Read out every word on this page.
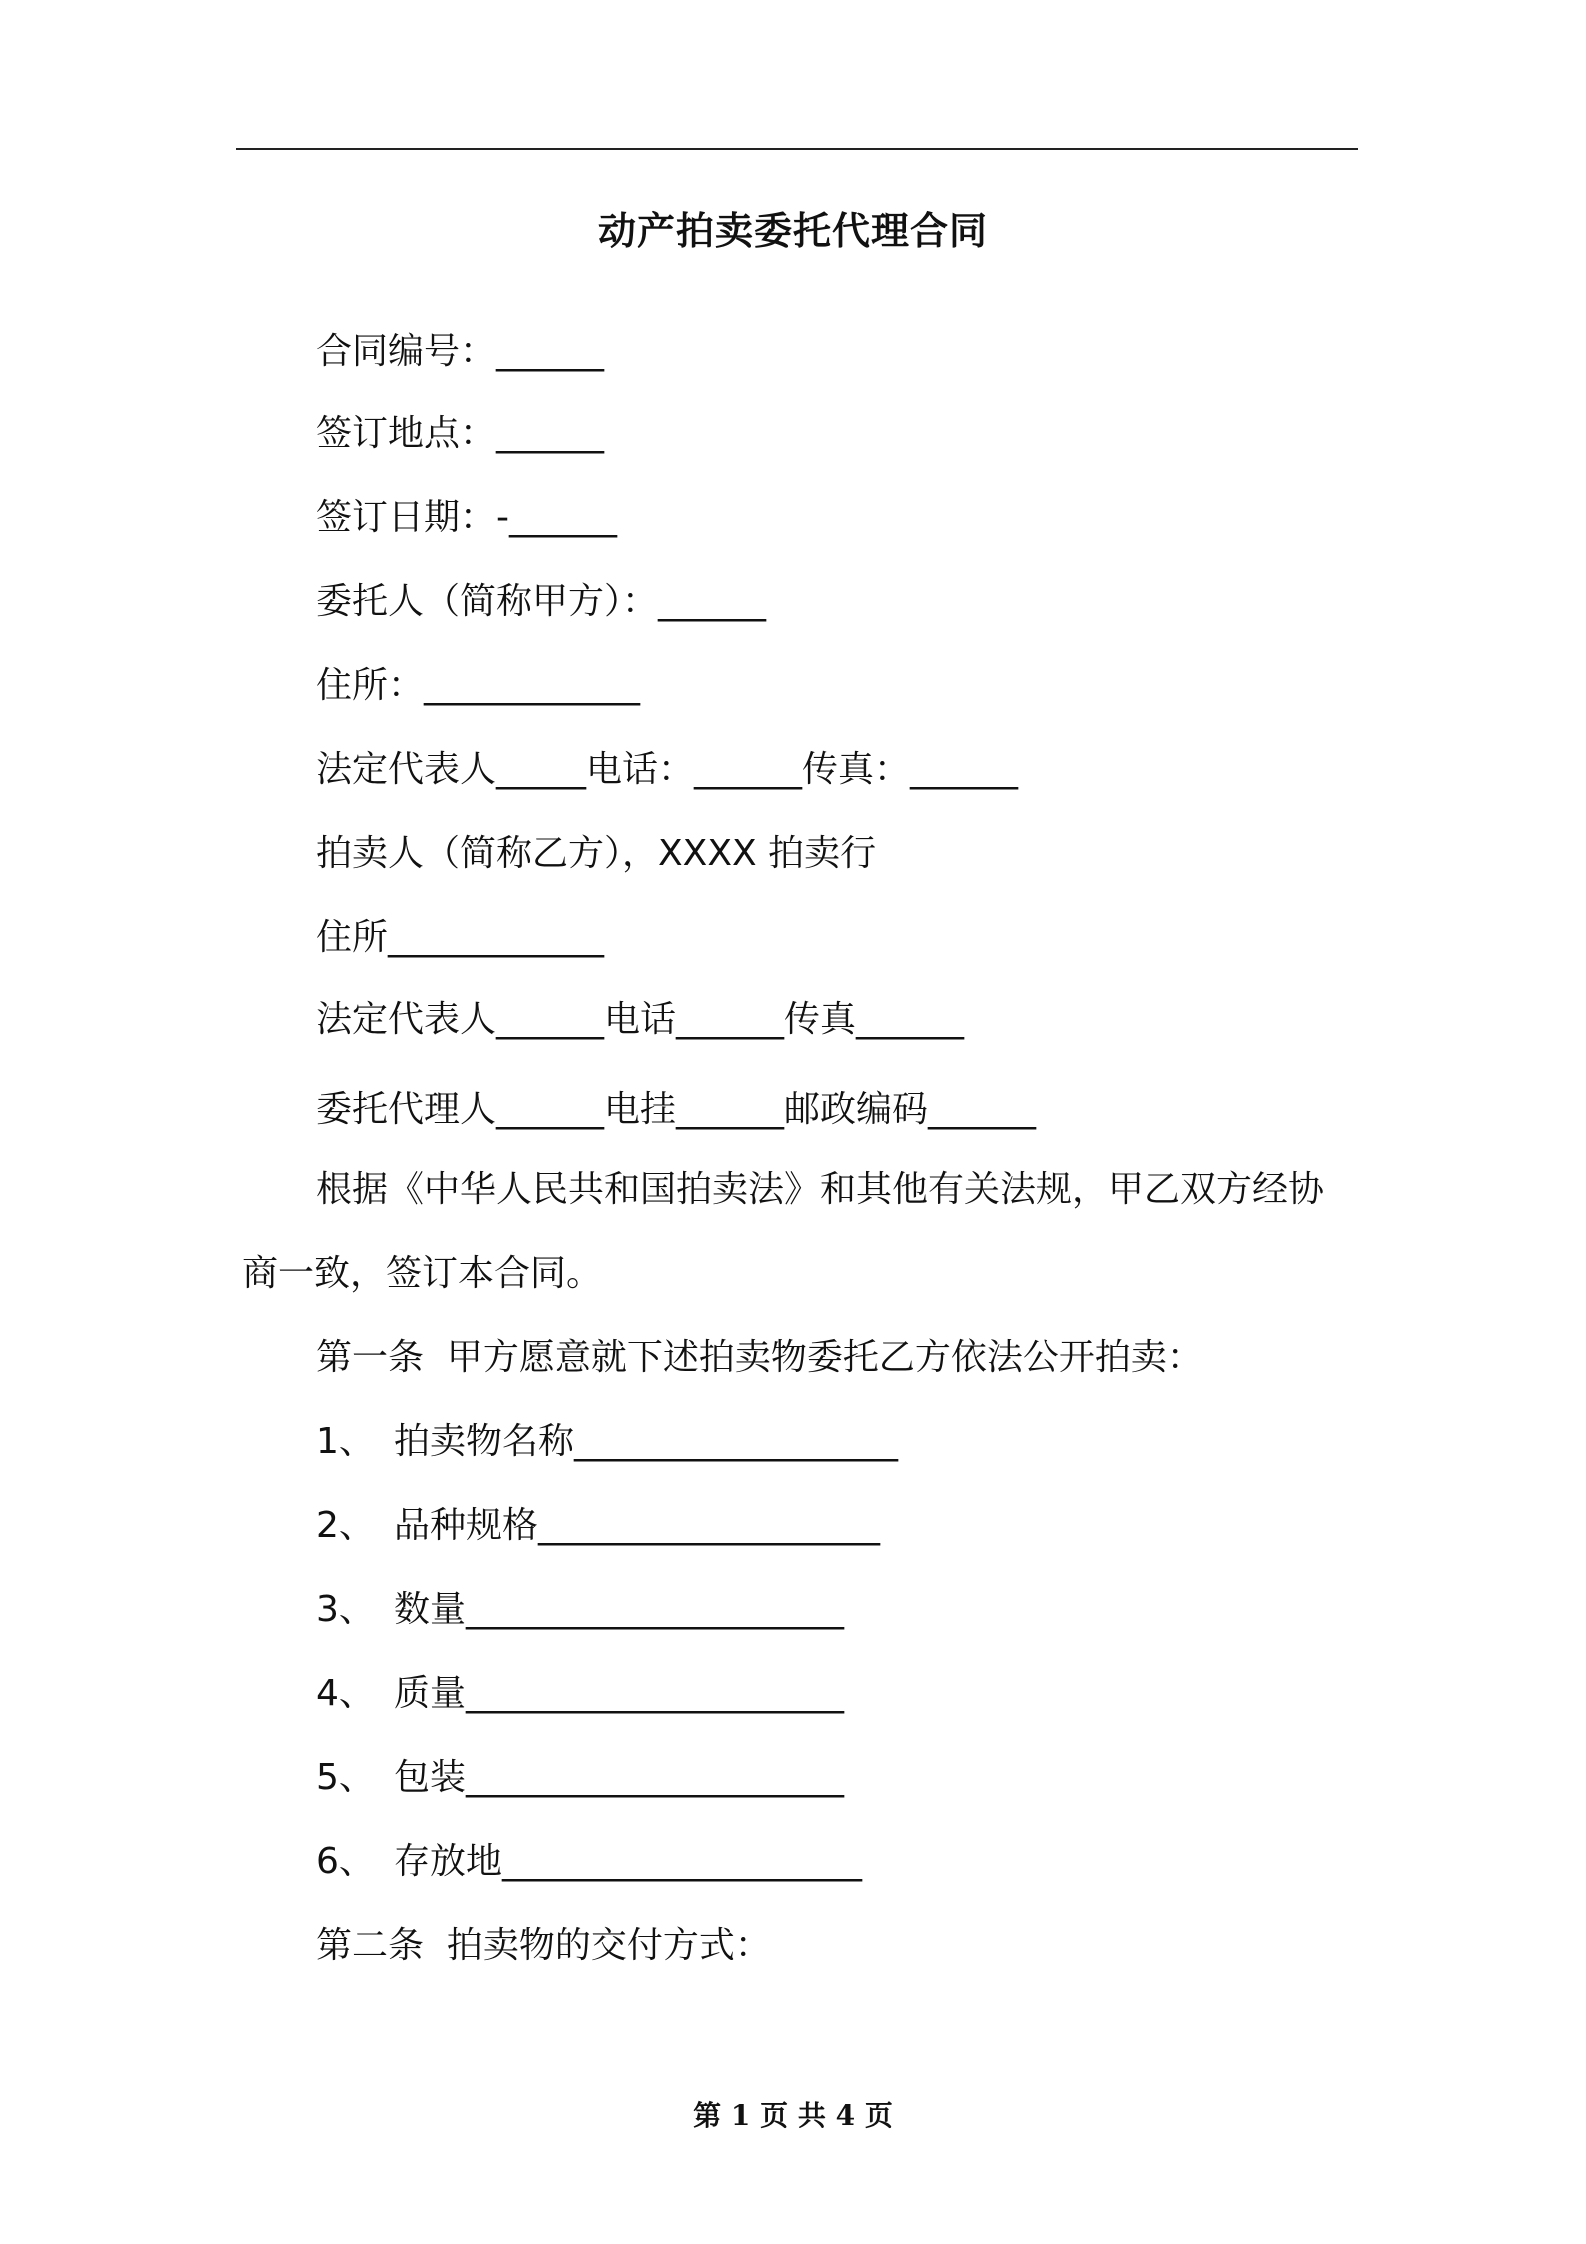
动产拍卖委托代理合同
合同编号：______
签订地点：______
签订日期：-______
委托人（简称甲方）：______
住所：____________
法定代表人_____电话：______传真：______
拍卖人（简称乙方），XXXX 拍卖行
住所____________
法定代表人______电话______传真______
委托代理人______电挂______邮政编码______
根据《中华人民共和国拍卖法》和其他有关法规，甲乙双方经协
商一致，签订本合同。
第一条  甲方愿意就下述拍卖物委托乙方依法公开拍卖：
1、 拍卖物名称__________________
2、 品种规格___________________
3、 数量_____________________
4、 质量_____________________
5、 包装_____________________
6、 存放地____________________
第二条  拍卖物的交付方式：
第 1 页 共 4 页
